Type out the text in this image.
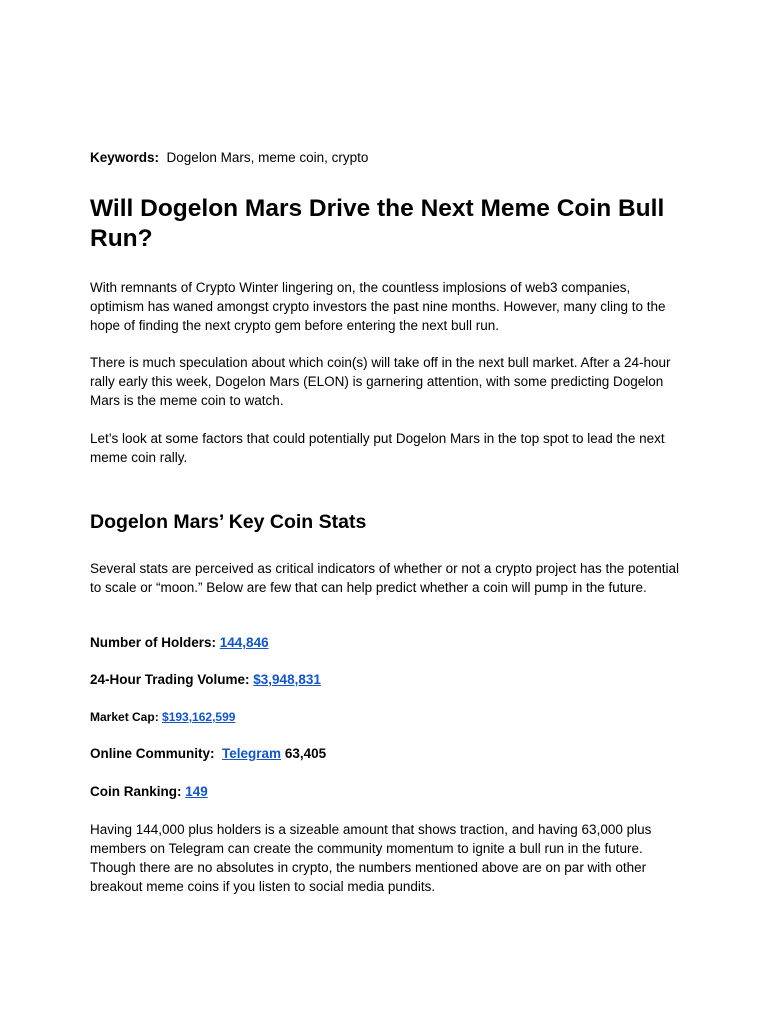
Keywords: Dogelon Mars, meme coin, crypto
Will Dogelon Mars Drive the Next Meme Coin Bull Run?

With remnants of Crypto Winter lingering on, the countless implosions of web3 companies, optimism has waned amongst crypto investors the past nine months. However, many cling to the hope of finding the next crypto gem before entering the next bull run.

There is much speculation about which coin(s) will take off in the next bull market. After a 24-hour rally early this week, Dogelon Mars (ELON) is garnering attention, with some predicting Dogelon Mars is the meme coin to watch.

Let’s look at some factors that could potentially put Dogelon Mars in the top spot to lead the next meme coin rally.

Dogelon Mars’ Key Coin Stats

Several stats are perceived as critical indicators of whether or not a crypto project has the potential to scale or “moon.” Below are few that can help predict whether a coin will pump in the future.

Number of Holders: 144,846
24-Hour Trading Volume: $3,948,831
Market Cap: $193,162,599
Online Community: Telegram 63,405
Coin Ranking: 149

Having 144,000 plus holders is a sizeable amount that shows traction, and having 63,000 plus members on Telegram can create the community momentum to ignite a bull run in the future. Though there are no absolutes in crypto, the numbers mentioned above are on par with other breakout meme coins if you listen to social media pundits.
